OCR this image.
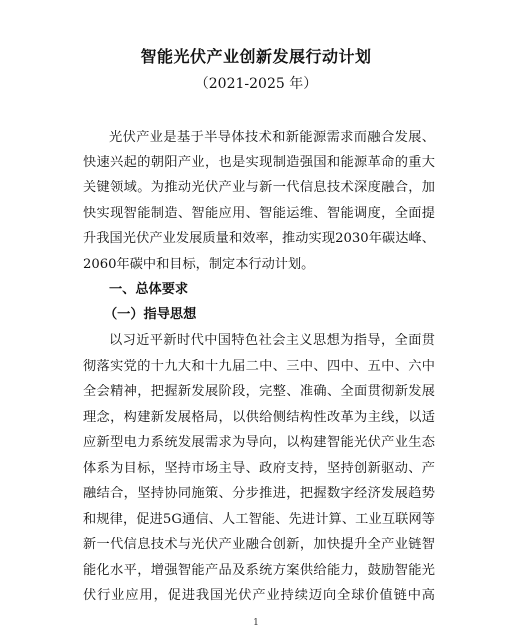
智能光伏产业创新发展行动计划
（2021-2025 年）
光伏产业是基于半导体技术和新能源需求而融合发展、
快速兴起的朝阳产业，也是实现制造强国和能源革命的重大
关键领域。为推动光伏产业与新一代信息技术深度融合，加
快实现智能制造、智能应用、智能运维、智能调度，全面提
升我国光伏产业发展质量和效率，推动实现2030年碳达峰、
2060年碳中和目标，制定本行动计划。
一、总体要求
（一）指导思想
以习近平新时代中国特色社会主义思想为指导，全面贯
彻落实党的十九大和十九届二中、三中、四中、五中、六中
全会精神，把握新发展阶段，完整、准确、全面贯彻新发展
理念，构建新发展格局，以供给侧结构性改革为主线，以适
应新型电力系统发展需求为导向，以构建智能光伏产业生态
体系为目标，坚持市场主导、政府支持，坚持创新驱动、产
融结合，坚持协同施策、分步推进，把握数字经济发展趋势
和规律，促进5G通信、人工智能、先进计算、工业互联网等
新一代信息技术与光伏产业融合创新，加快提升全产业链智
能化水平，增强智能产品及系统方案供给能力，鼓励智能光
伏行业应用，促进我国光伏产业持续迈向全球价值链中高
1
